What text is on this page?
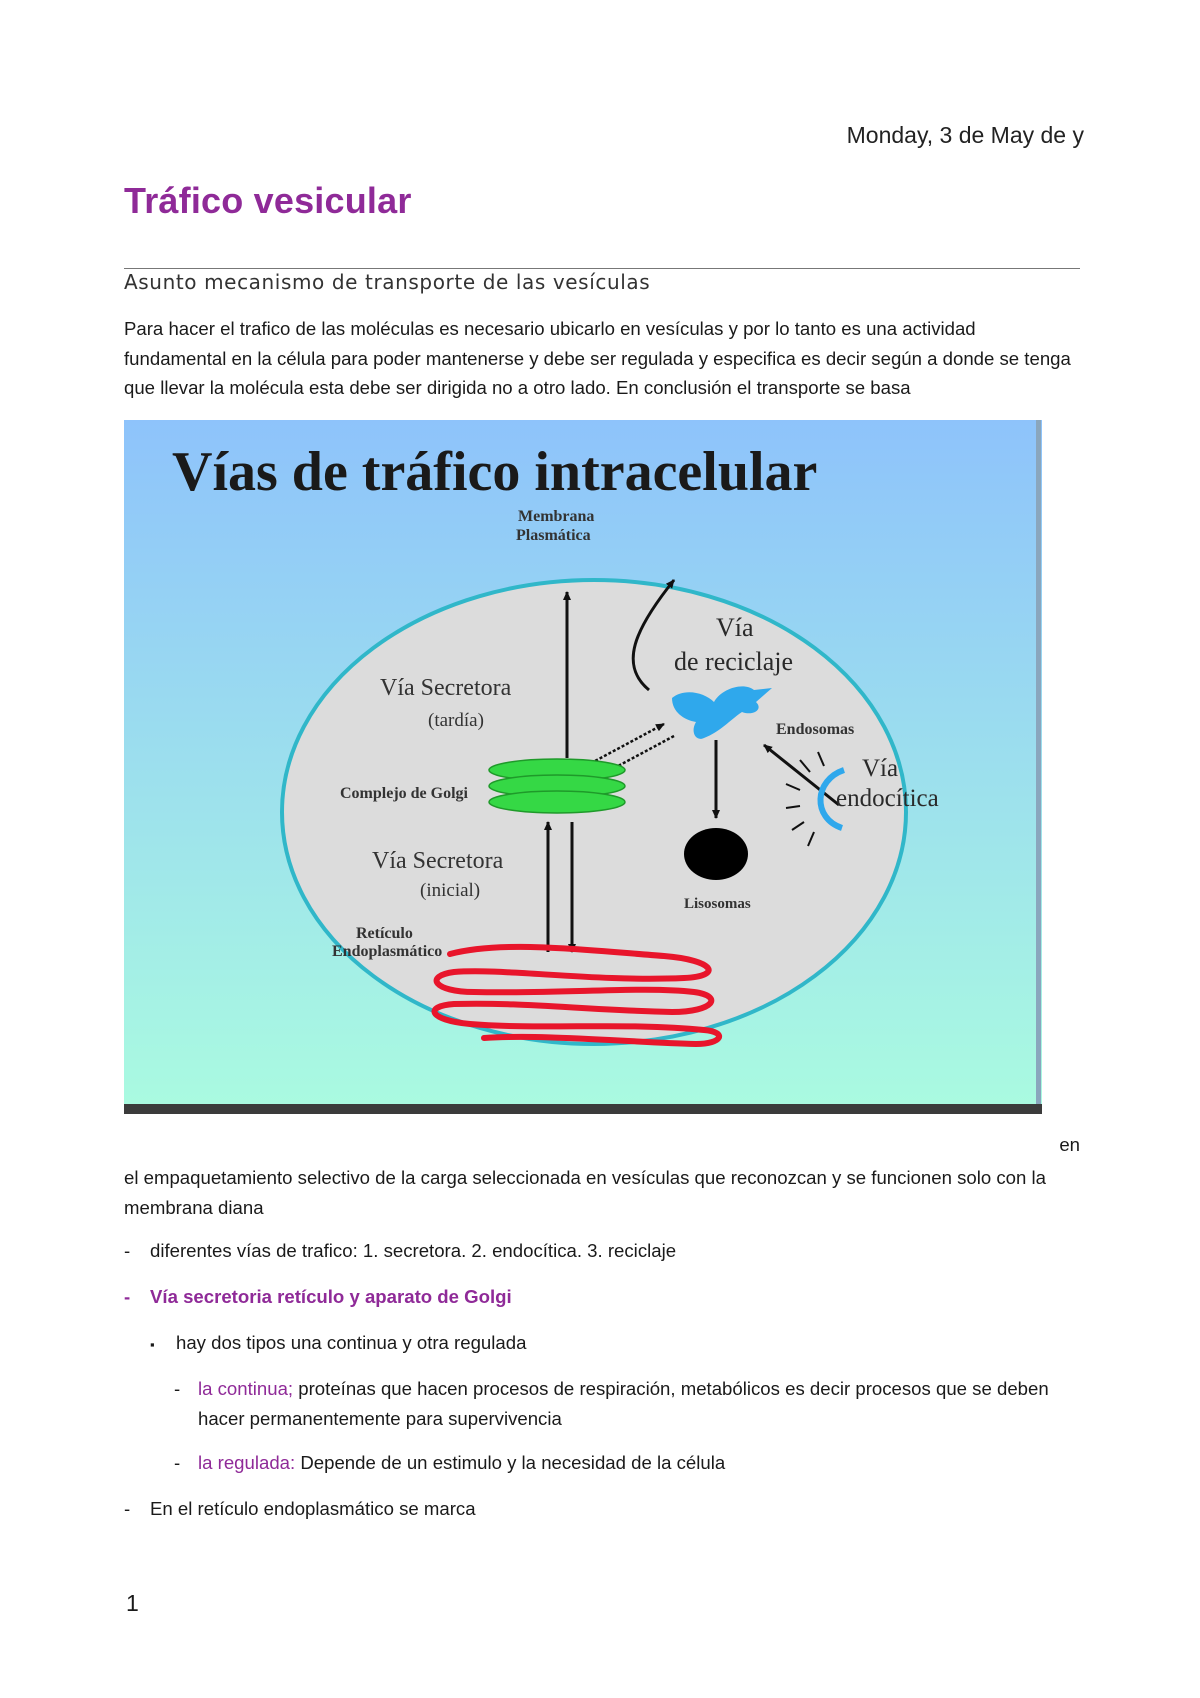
Monday, 3 de May de y
Tráfico vesicular
Asunto mecanismo de transporte de las vesículas

Para hacer el trafico de las moléculas es necesario ubicarlo en vesículas y por lo tanto es una actividad fundamental en la célula para poder mantenerse y debe ser regulada y especifica es decir según a donde se tenga que llevar la molécula esta debe ser dirigida no a otro lado. En conclusión el transporte se basa

Vías de tráfico intracelular
Membrana
Plasmática
Vía
de reciclaje
Vía Secretora
(tardía)	Endosomas
Complejo de Golgi
Vía
endocítica
Lisosomas
Vía Secretora
(inicial)
Retículo
Endoplasmático
en

el empaquetamiento selectivo de la carga seleccionada en vesículas que reconozcan y se funcionen solo con la membrana diana

-	diferentes vías de trafico: 1. secretora. 2. endocítica. 3. reciclaje
-	Vía secretoria retículo y aparato de Golgi
▪	hay dos tipos una continua y otra regulada
- la continua; proteínas que hacen procesos de respiración, metabólicos es decir procesos que se deben hacer permanentemente para supervivencia
- la regulada: Depende de un estimulo y la necesidad de la célula
-	En el retículo endoplasmático se marca
1
